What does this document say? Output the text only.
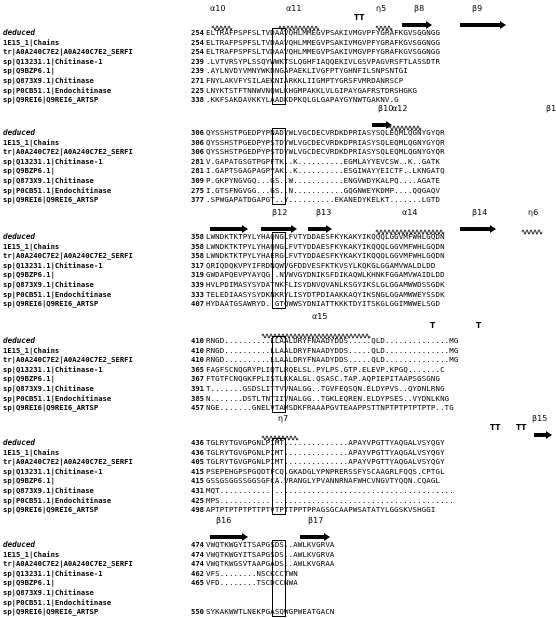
α10	α11
TT
η5	β8	β9
deduced	254 ELTRAFPSPFSLTVDAAVQHLMMEGVPSAKIVMGVPFYGRAFKGVSGGNGG
1E15_1|Chains	254 ELTRAFPSPFSLTVDAAVQHLMMEGVPSAKIVMGVPFYGRAFKGVSGGNGG
tr|A0A240C7E2|A0A240C7E2_SERFI	254 ELTRAFPSPFSLTVDAAVQHLMMEGVPSAKIVMGVPFYGRAFKGVSGGNGG
sp|Q13231.1|Chitinase-1	239 .LVTVRSYPLSSQYWWKTSLQGHFIAQQEKIVLGSVPAGVRSFTLASSDTR
sp|Q9BZP6.1|	239 .AYLNVDYVMNYWKDNGAPAEKLIVGFPTYGHNFILSNPSNTGI
sp|Q873X9.1|Chitinase	271 FNYLAKVFYSILAEKNIARKKLIIGMPTYGRSFVMRDANRSCP
sp|P0CB51.1|Endochitinase	225 LNYKTSTFTNNWVNQWLKHGMPAKKLVLGIPAYGAFRSTDRSHGKG
sp|Q9REI6|Q9REI6_ARTSP	338 .KKFSAKDAVKKYLAADKDPKQLGLGAPAYGYNWTGAKNV.G
α12
β10	β1
deduced	306 QYSSHSTPGEDPYPNADYWLVGCDECVRDKDPRIASYSQLEQMLQGNYGYQR
1E15_1|Chains	306 QYSSHSTPGEDPYPSTDYWLVGCDECVRDKDPRIASYSQLEQMLQGNYGYQR
tr|A0A240C7E2|A0A240C7E2_SERFI	306 QYSSHSTPGEDPYPSTDYWLVGCDECVRDKDPRIASYSQLEQMLQGNYGYQR
sp|Q13231.1|Chitinase-1	281 V.GAPATGSGTPGPFTK..K..........EGMLAYYEVCSW..K..GATK
sp|Q9BZP6.1|	281 I.GAPTSGAGPAGPYAK..K..........ESGIWAYYEICTF..LKNGATQ
sp|Q873X9.1|Chitinase	309 P.GKPYNGVGQ...GS..W...........ENGVWDYKALPQ....AGATE
sp|P0CB51.1|Endochitinase	275 I.GTSFNGVGG...GS..N...........GQGNWEYKDMP....QQGAQV
sp|Q9REI6|Q9REI6_ARTSP	377 .SPWGAPATDGAPGT..Y..........EKANEDYKELKT.......LGTD
β12	β13	α14	β14	η6
deduced	358 LWNDKTKTPYLYHAQNGLFVTYDDAESFKYKAKYIKQQQLGGVMFWHLGQDN
1E15_1|Chains	358 LWNDKTKTPYLYHAQNGLFVTYDDAESFKYKAKYIKQQQLGGVMFWHLGQDN
tr|A0A240C7E2|A0A240C7E2_SERFI	358 LWNDKTKTPYLYHAERGLFVTYDDAESFKYKAKYIKQQQLGGVMFWHLGQDN
sp|Q13231.1|Chitinase-1	317 QRIQDQKVPYIFRDNQWVGFDDVESFKTKVSYLKQKGLGGAMVWALDLDD
sp|Q9BZP6.1|	319 GWDAPQEVPYAYQG..NVWVGYDNIKSFDIKAQWLKHNKFGGAMVWAIDLDD
sp|Q873X9.1|Chitinase	339 HVLPDIMASYSYDATNKFLISYDNVQVANLKSGYIKSLGLGGAMWWDSSGDK
sp|P0CB51.1|Endochitinase	333 TELEDIAASYSYDKNKRYLISYDTPDIAAKKAQYIKSNGLGGAMWWEYSSDK
sp|Q9REI6|Q9REI6_ARTSP	407 HYDAATGSAWRYD..GTQWWSYDNIATTKKKTDYITSKGLGGIMWWELSGD
α15
T	T
deduced	410 RNGD..........LLAALDRYFNAADYDDS.....QLD..............MG
1E15_1|Chains	410 RNGD..........LLAALDRYFNAADYDDS.....QLD..............MG
tr|A0A240C7E2|A0A240C7E2_SERFI	410 RNGD..........LLAALDRYFNAADYDDS.....QLD..............MG
sp|Q13231.1|Chitinase-1	365 FAGFSCNQGRYPLIQTLRQELSL.PYLPS.GTP.ELEVP.KPGQ.......C
sp|Q9BZP6.1|	367 FTGTFCNQGKFPLISTLKKALGL.QSASC.TAP.AQPIEPITAAPSGSGNG
sp|Q873X9.1|Chitinase	391 T.......GSDSLITTVVNALGG..TGVFEQSQN.ELDYPVS..QYDNLRNG
sp|P0CB51.1|Endochitinase	385 N.......DSTLTNTIIVNALGG..TGKLEQREN.ELDYPSES..VYDNLKNG
sp|Q9REI6|Q9REI6_ARTSP	457 NGE.......GNELVTAMSDKFRAAAPGVTEAAPPSTTNPTPTPTPTPTP..TG
η7
TT TT
β15
deduced	436 TGLRYTGVGPGNLPIMT..............APAYVPGTTYAQGALVSYQGY
1E15_1|Chains	436 TGLRYTGVGPGNLPIMT..............APAYVPGTTYAQGALVSYQGY
tr|A0A240C7E2|A0A240C7E2_SERFI	405 TGLRYTGVGPGNLPIMT..............APAYVPGTTYAQGALVSYQGY
sp|Q13231.1|Chitinase-1	415 PSEPEHGPSPGQDTFCQ.GKADGLYPNPRERSSFYSCAAGRLFQQS.CPTGL
sp|Q9BZP6.1|	415 GSSGSGGSSGGSGFCA.VRANGLYPVANNRNAFWHCVNGVTYQQN.CQAGL
sp|Q873X9.1|Chitinase	431 MQT...................................................
sp|P0CB51.1|Endochitinase	425 MPS...................................................
sp|Q9REI6|Q9REI6_ARTSP	498 APTPTPTPTPTTPTVTPTTPPTPPAGSGCAAPWSATATYLGGSKVSHGGI
β16	β17
deduced	474 VWQTKWGYITSAPGSDS..AWLKVGRVA
1E15_1|Chains	474 VWQTKWGYITSAPGSDS..AWLKVGRVA
tr|A0A240C7E2|A0A240C7E2_SERFI	474 VWQTKWGSVTAAPGADS..AWLKVGRAA
sp|Q13231.1|Chitinase-1	462 VFS........NSCKCCTWN
sp|Q9BZP6.1|	465 VFD........TSCDCCNWA
sp|Q873X9.1|Chitinase
sp|P0CB51.1|Endochitinase
sp|Q9REI6|Q9REI6_ARTSP	550 SYKAKWWTLNEKPGASQWGPWEATGACN
